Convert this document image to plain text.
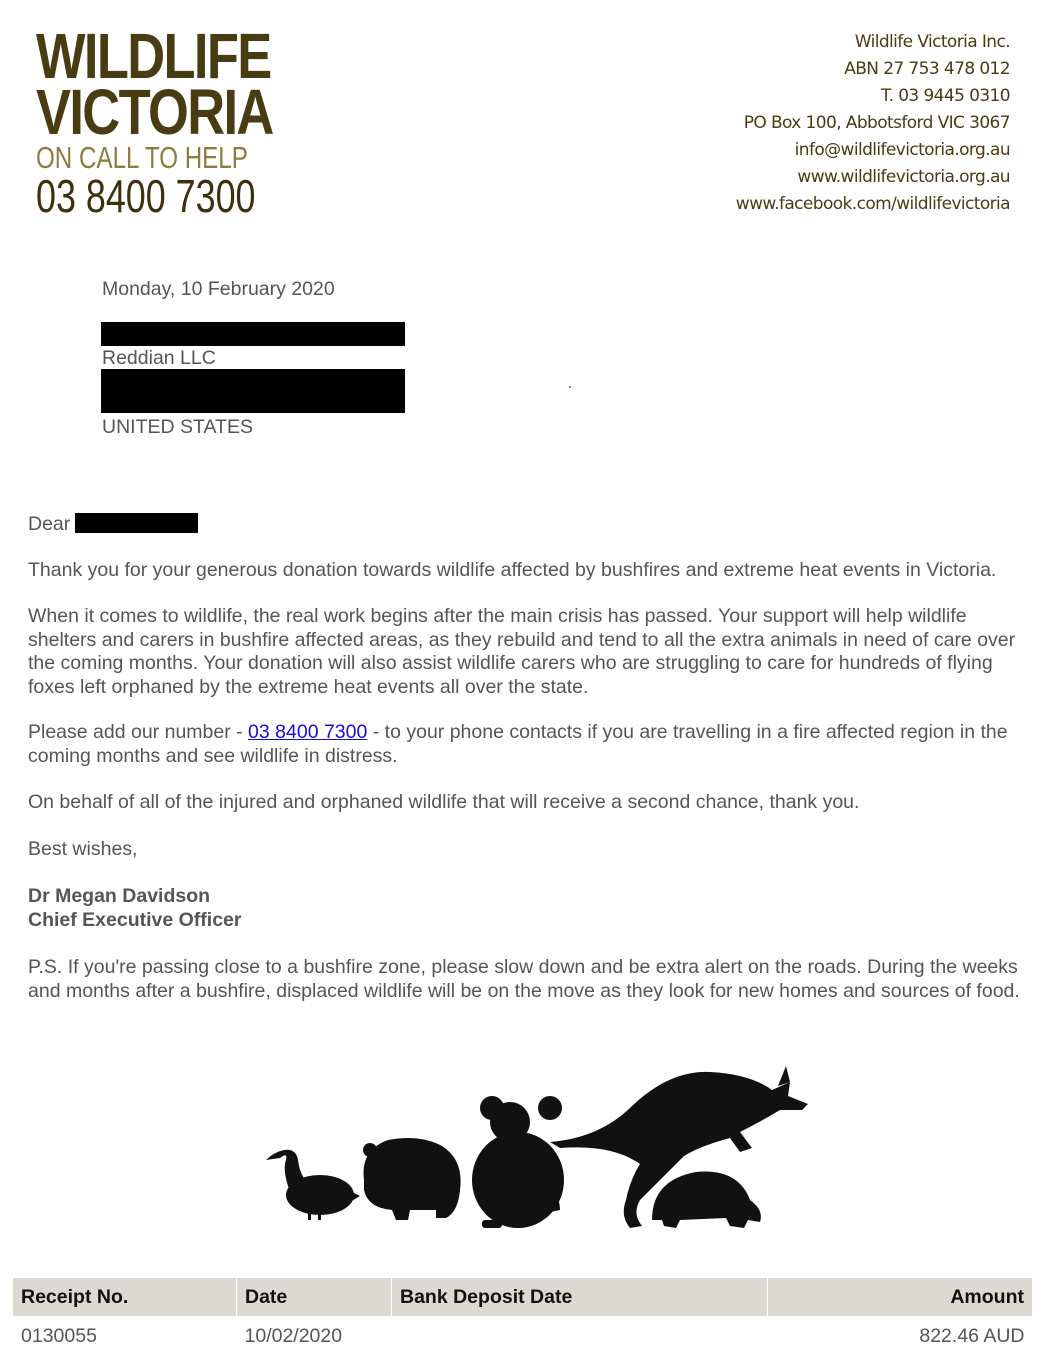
WILDLIFE
VICTORIA
ON CALL TO HELP
03 8400 7300
Wildlife Victoria Inc.
ABN 27 753 478 012
T. 03 9445 0310
PO Box 100, Abbotsford VIC 3067
info@wildlifevictoria.org.au
www.wildlifevictoria.org.au
www.facebook.com/wildlifevictoria
Monday, 10 February 2020
Reddian LLC
UNITED STATES
Dear

Thank you for your generous donation towards wildlife affected by bushfires and extreme heat events in Victoria.

When it comes to wildlife, the real work begins after the main crisis has passed. Your support will help wildlife shelters and carers in bushfire affected areas, as they rebuild and tend to all the extra animals in need of care over the coming months. Your donation will also assist wildlife carers who are struggling to care for hundreds of flying foxes left orphaned by the extreme heat events all over the state.

Please add our number - 03 8400 7300 - to your phone contacts if you are travelling in a fire affected region in the coming months and see wildlife in distress.

On behalf of all of the injured and orphaned wildlife that will receive a second chance, thank you.

Best wishes,

Dr Megan Davidson

Chief Executive Officer

P.S. If you're passing close to a bushfire zone, please slow down and be extra alert on the roads. During the weeks and months after a bushfire, displaced wildlife will be on the move as they look for new homes and sources of food.

Receipt No.	Date	Bank Deposit Date	Amount
0130055	10/02/2020		822.46 AUD
